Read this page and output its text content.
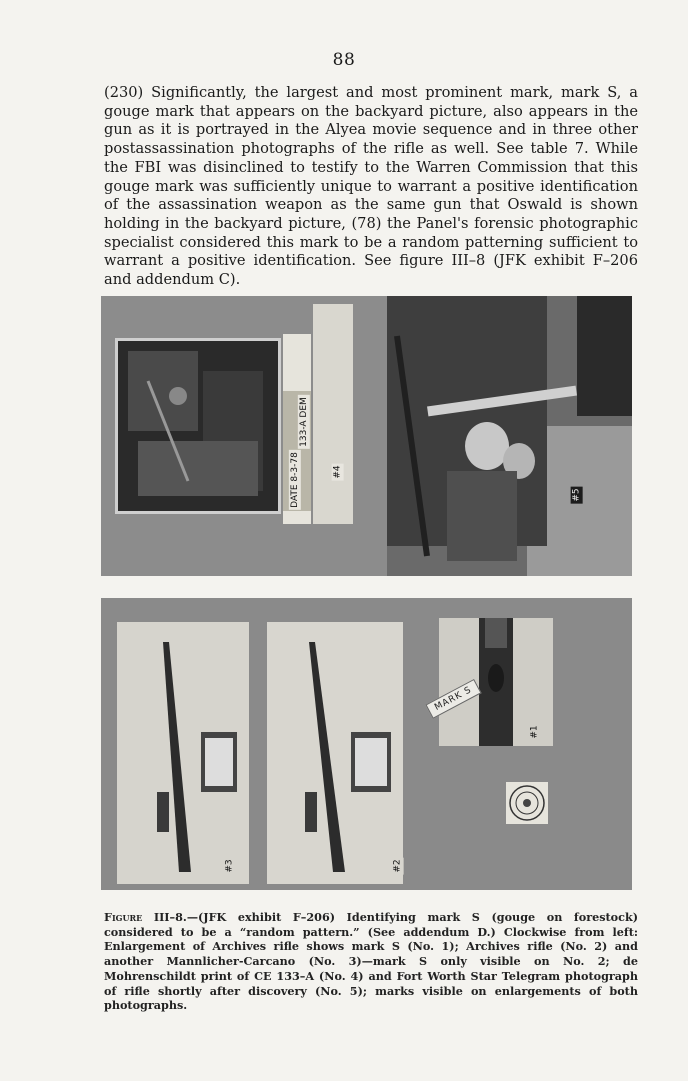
88

(230) Significantly, the largest and most prominent mark, mark S, a gouge mark that appears on the backyard picture, also appears in the gun as it is portrayed in the Alyea movie sequence and in three other postassassination photographs of the rifle as well. See table 7. While the FBI was disinclined to testify to the Warren Commission that this gouge mark was sufficiently unique to warrant a positive identification of the assassination weapon as the same gun that Oswald is shown holding in the backyard picture, (78) the Panel's forensic photographic specialist considered this mark to be a random patterning sufficient to warrant a positive identification. See figure III–8 (JFK exhibit F–206 and addendum C).

DATE 8-3-78
133-A DEM
#4
#5
#3	#2
#1
MARK S

Figure III–8.—(JFK exhibit F–206) Identifying mark S (gouge on forestock) considered to be a “random pattern.” (See addendum D.) Clockwise from left: Enlargement of Archives rifle shows mark S (No. 1); Archives rifle (No. 2) and another Mannlicher-Carcano (No. 3)—mark S only visible on No. 2; de Mohrenschildt print of CE 133–A (No. 4) and Fort Worth Star Telegram photograph of rifle shortly after discovery (No. 5); marks visible on enlargements of both photographs.
